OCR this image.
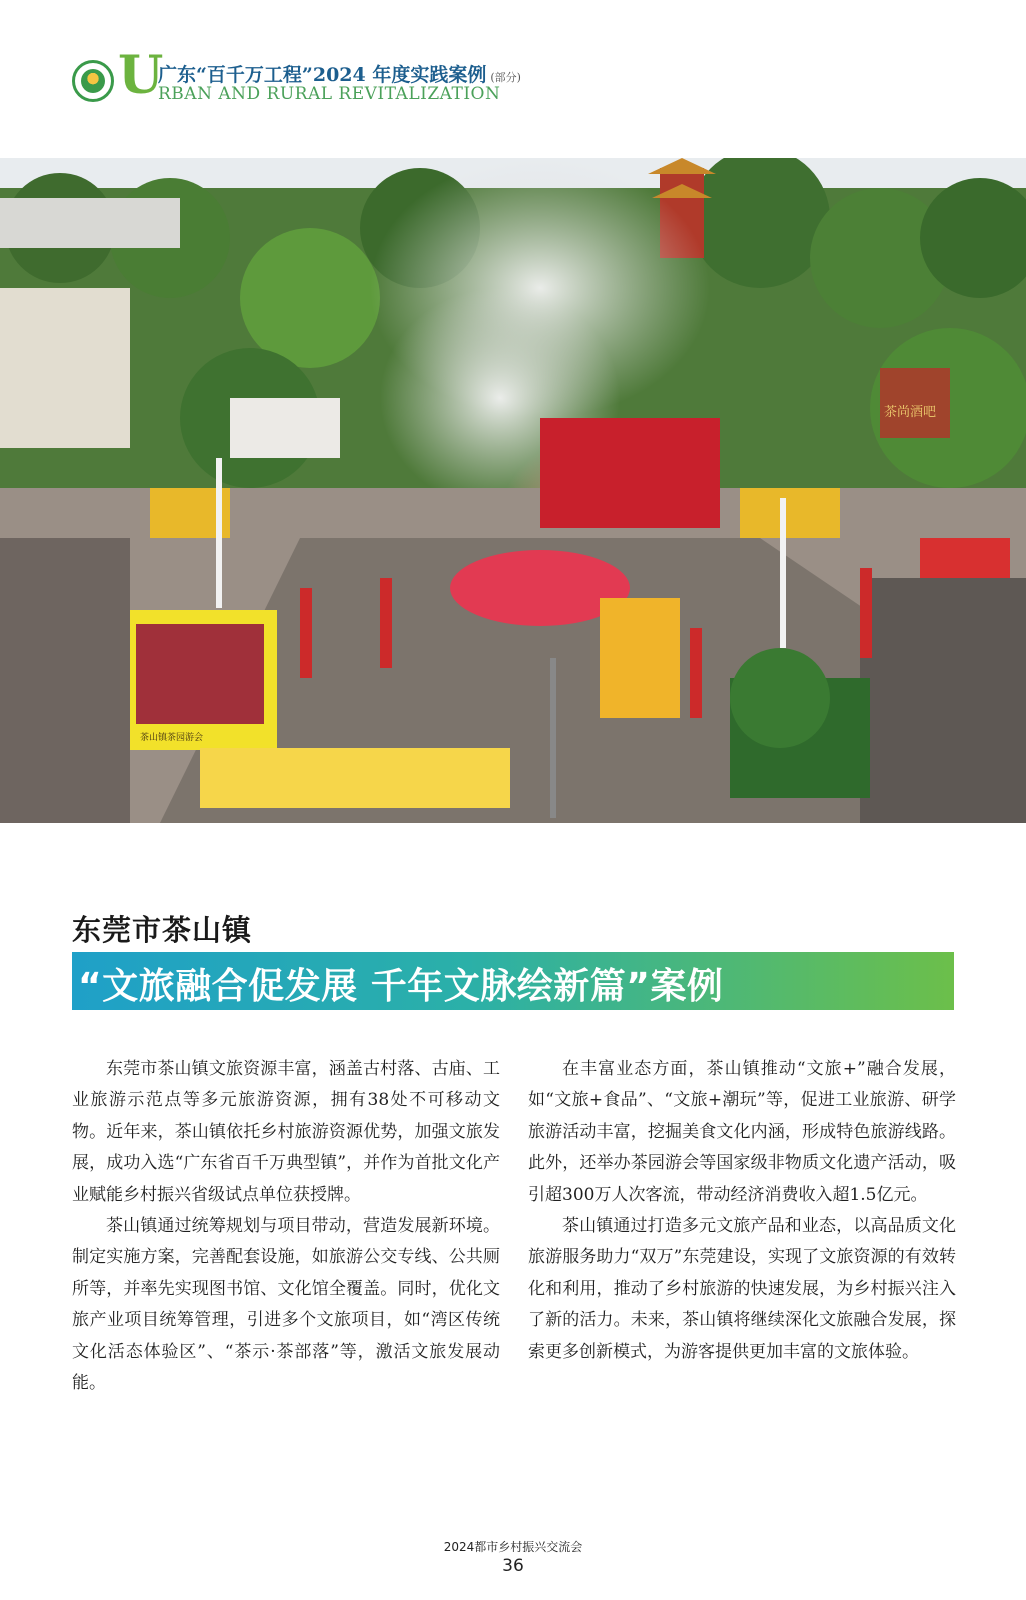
U
广东“百千万工程”2024 年度实践案例 (部分)
RBAN AND RURAL REVITALIZATION
茶尚酒吧
茶山镇茶园游会
东莞市茶山镇
“文旅融合促发展 千年文脉绘新篇”案例

东莞市茶山镇文旅资源丰富，涵盖古村落、古庙、工业旅游示范点等多元旅游资源，拥有38处不可移动文物。近年来，茶山镇依托乡村旅游资源优势，加强文旅发展，成功入选“广东省百千万典型镇”，并作为首批文化产业赋能乡村振兴省级试点单位获授牌。

茶山镇通过统筹规划与项目带动，营造发展新环境。制定实施方案，完善配套设施，如旅游公交专线、公共厕所等，并率先实现图书馆、文化馆全覆盖。同时，优化文旅产业项目统筹管理，引进多个文旅项目，如“湾区传统文化活态体验区”、“茶示·茶部落”等，激活文旅发展动能。

在丰富业态方面，茶山镇推动“文旅+”融合发展，如“文旅+食品”、“文旅+潮玩”等，促进工业旅游、研学旅游活动丰富，挖掘美食文化内涵，形成特色旅游线路。此外，还举办茶园游会等国家级非物质文化遗产活动，吸引超300万人次客流，带动经济消费收入超1.5亿元。

茶山镇通过打造多元文旅产品和业态，以高品质文化旅游服务助力“双万”东莞建设，实现了文旅资源的有效转化和利用，推动了乡村旅游的快速发展，为乡村振兴注入了新的活力。未来，茶山镇将继续深化文旅融合发展，探索更多创新模式，为游客提供更加丰富的文旅体验。

2024都市乡村振兴交流会
36
